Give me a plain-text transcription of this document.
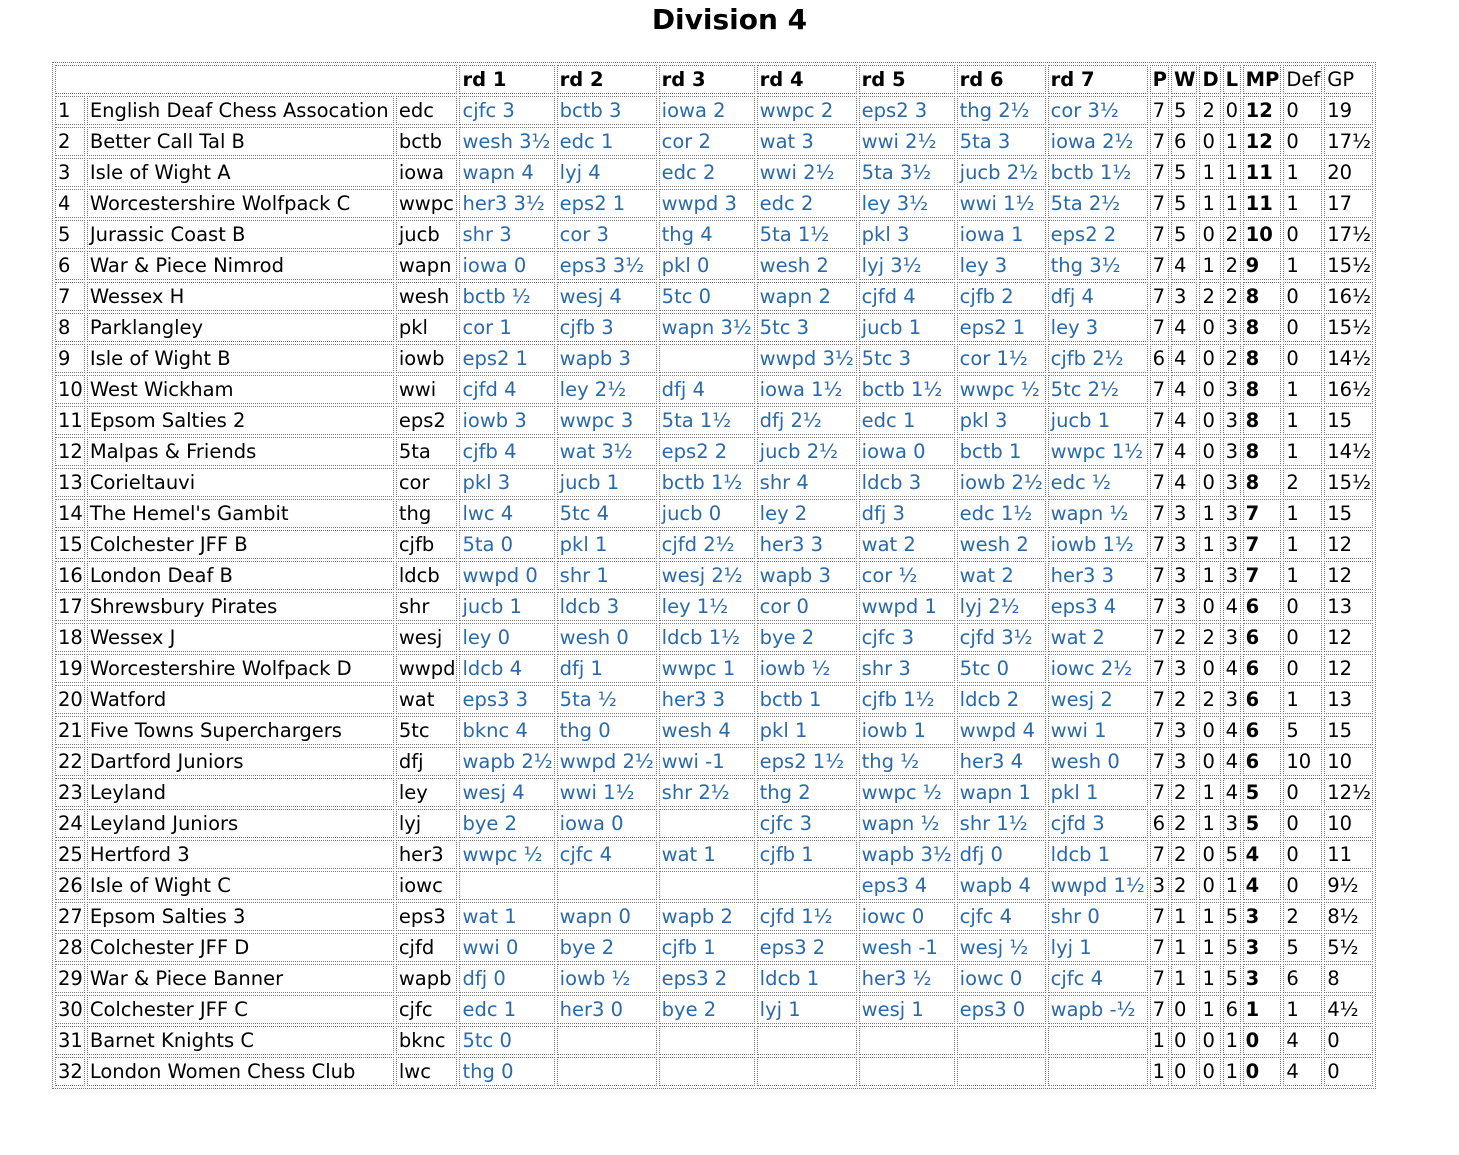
Division 4
			rd 1	rd 2	rd 3	rd 4	rd 5	rd 6	rd 7	P	W	D	L	MP	Def	GP
1	English Deaf Chess Assocation	edc	cjfc 3	bctb 3	iowa 2	wwpc 2	eps2 3	thg 2½	cor 3½	7	5	2	0	12	0	19
2	Better Call Tal B	bctb	wesh 3½	edc 1	cor 2	wat 3	wwi 2½	5ta 3	iowa 2½	7	6	0	1	12	0	17½
3	Isle of Wight A	iowa	wapn 4	lyj 4	edc 2	wwi 2½	5ta 3½	jucb 2½	bctb 1½	7	5	1	1	11	1	20
4	Worcestershire Wolfpack C	wwpc	her3 3½	eps2 1	wwpd 3	edc 2	ley 3½	wwi 1½	5ta 2½	7	5	1	1	11	1	17
5	Jurassic Coast B	jucb	shr 3	cor 3	thg 4	5ta 1½	pkl 3	iowa 1	eps2 2	7	5	0	2	10	0	17½
6	War & Piece Nimrod	wapn	iowa 0	eps3 3½	pkl 0	wesh 2	lyj 3½	ley 3	thg 3½	7	4	1	2	9	1	15½
7	Wessex H	wesh	bctb ½	wesj 4	5tc 0	wapn 2	cjfd 4	cjfb 2	dfj 4	7	3	2	2	8	0	16½
8	Parklangley	pkl	cor 1	cjfb 3	wapn 3½	5tc 3	jucb 1	eps2 1	ley 3	7	4	0	3	8	0	15½
9	Isle of Wight B	iowb	eps2 1	wapb 3		wwpd 3½	5tc 3	cor 1½	cjfb 2½	6	4	0	2	8	0	14½
10	West Wickham	wwi	cjfd 4	ley 2½	dfj 4	iowa 1½	bctb 1½	wwpc ½	5tc 2½	7	4	0	3	8	1	16½
11	Epsom Salties 2	eps2	iowb 3	wwpc 3	5ta 1½	dfj 2½	edc 1	pkl 3	jucb 1	7	4	0	3	8	1	15
12	Malpas & Friends	5ta	cjfb 4	wat 3½	eps2 2	jucb 2½	iowa 0	bctb 1	wwpc 1½	7	4	0	3	8	1	14½
13	Corieltauvi	cor	pkl 3	jucb 1	bctb 1½	shr 4	ldcb 3	iowb 2½	edc ½	7	4	0	3	8	2	15½
14	The Hemel's Gambit	thg	lwc 4	5tc 4	jucb 0	ley 2	dfj 3	edc 1½	wapn ½	7	3	1	3	7	1	15
15	Colchester JFF B	cjfb	5ta 0	pkl 1	cjfd 2½	her3 3	wat 2	wesh 2	iowb 1½	7	3	1	3	7	1	12
16	London Deaf B	ldcb	wwpd 0	shr 1	wesj 2½	wapb 3	cor ½	wat 2	her3 3	7	3	1	3	7	1	12
17	Shrewsbury Pirates	shr	jucb 1	ldcb 3	ley 1½	cor 0	wwpd 1	lyj 2½	eps3 4	7	3	0	4	6	0	13
18	Wessex J	wesj	ley 0	wesh 0	ldcb 1½	bye 2	cjfc 3	cjfd 3½	wat 2	7	2	2	3	6	0	12
19	Worcestershire Wolfpack D	wwpd	ldcb 4	dfj 1	wwpc 1	iowb ½	shr 3	5tc 0	iowc 2½	7	3	0	4	6	0	12
20	Watford	wat	eps3 3	5ta ½	her3 3	bctb 1	cjfb 1½	ldcb 2	wesj 2	7	2	2	3	6	1	13
21	Five Towns Superchargers	5tc	bknc 4	thg 0	wesh 4	pkl 1	iowb 1	wwpd 4	wwi 1	7	3	0	4	6	5	15
22	Dartford Juniors	dfj	wapb 2½	wwpd 2½	wwi -1	eps2 1½	thg ½	her3 4	wesh 0	7	3	0	4	6	10	10
23	Leyland	ley	wesj 4	wwi 1½	shr 2½	thg 2	wwpc ½	wapn 1	pkl 1	7	2	1	4	5	0	12½
24	Leyland Juniors	lyj	bye 2	iowa 0		cjfc 3	wapn ½	shr 1½	cjfd 3	6	2	1	3	5	0	10
25	Hertford 3	her3	wwpc ½	cjfc 4	wat 1	cjfb 1	wapb 3½	dfj 0	ldcb 1	7	2	0	5	4	0	11
26	Isle of Wight C	iowc					eps3 4	wapb 4	wwpd 1½	3	2	0	1	4	0	9½
27	Epsom Salties 3	eps3	wat 1	wapn 0	wapb 2	cjfd 1½	iowc 0	cjfc 4	shr 0	7	1	1	5	3	2	8½
28	Colchester JFF D	cjfd	wwi 0	bye 2	cjfb 1	eps3 2	wesh -1	wesj ½	lyj 1	7	1	1	5	3	5	5½
29	War & Piece Banner	wapb	dfj 0	iowb ½	eps3 2	ldcb 1	her3 ½	iowc 0	cjfc 4	7	1	1	5	3	6	8
30	Colchester JFF C	cjfc	edc 1	her3 0	bye 2	lyj 1	wesj 1	eps3 0	wapb -½	7	0	1	6	1	1	4½
31	Barnet Knights C	bknc	5tc 0							1	0	0	1	0	4	0
32	London Women Chess Club	lwc	thg 0							1	0	0	1	0	4	0
